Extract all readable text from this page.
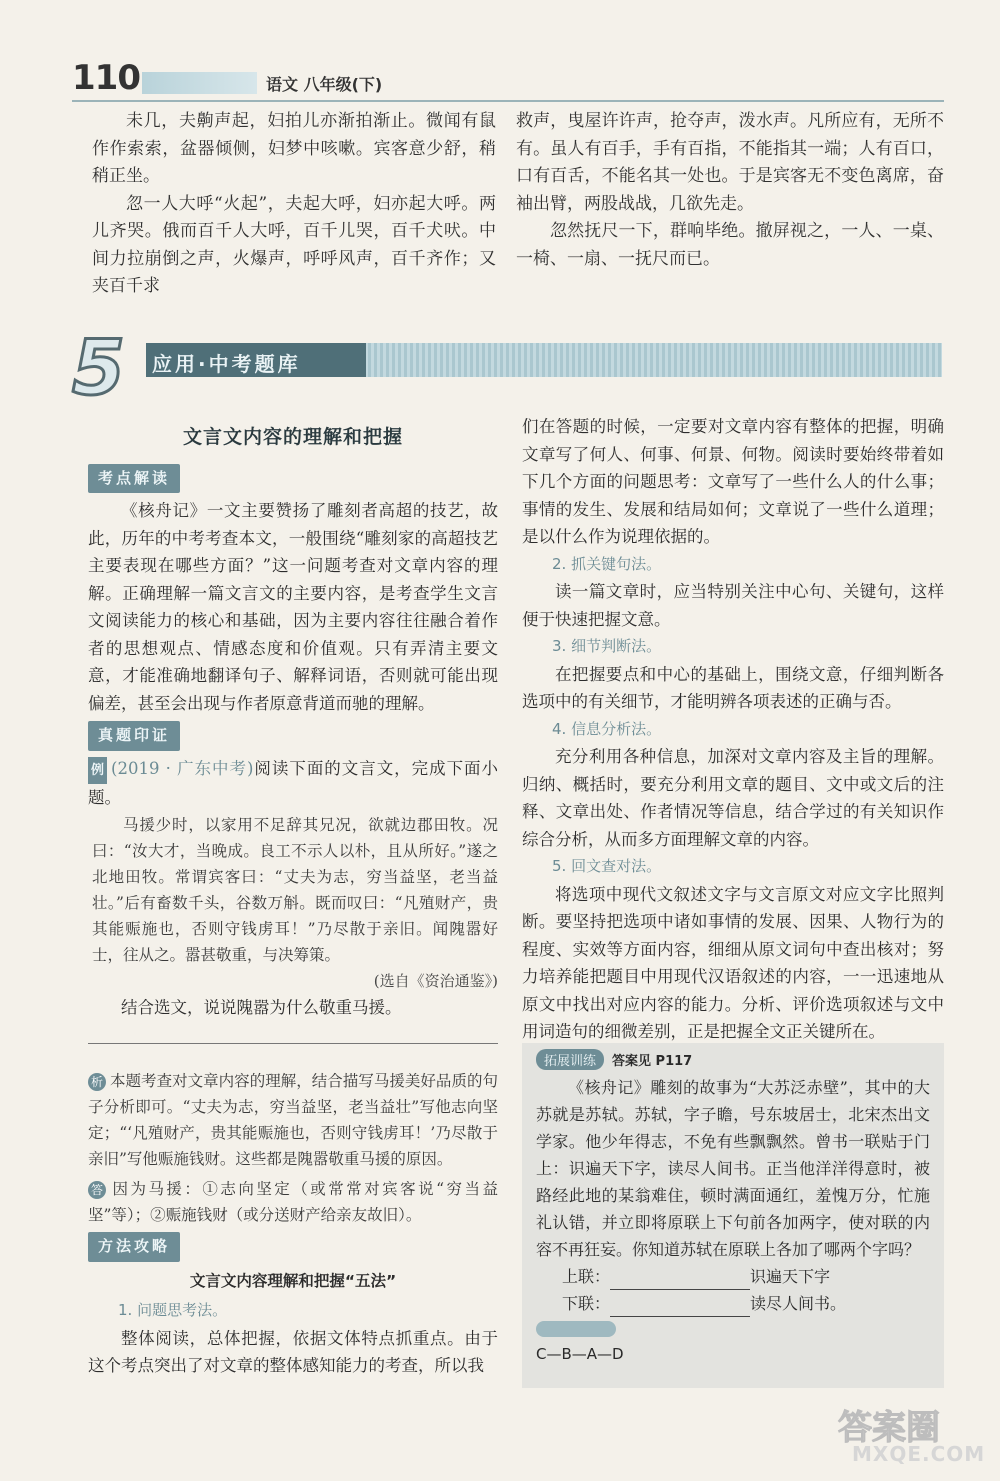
110	语文 八年级(下)

未几，夫齁声起，妇拍儿亦渐拍渐止。微闻有鼠作作索索，盆器倾侧，妇梦中咳嗽。宾客意少舒，稍稍正坐。

忽一人大呼“火起”，夫起大呼，妇亦起大呼。两儿齐哭。俄而百千人大呼，百千儿哭，百千犬吠。中间力拉崩倒之声，火爆声，呼呼风声，百千齐作；又夹百千求

救声，曳屋许许声，抢夺声，泼水声。凡所应有，无所不有。虽人有百手，手有百指，不能指其一端；人有百口，口有百舌，不能名其一处也。于是宾客无不变色离席，奋袖出臂，两股战战，几欲先走。

忽然抚尺一下，群响毕绝。撤屏视之，一人、一桌、一椅、一扇、一抚尺而已。

5 应用·中考题库
文言文内容的理解和把握
考点解读

《核舟记》一文主要赞扬了雕刻者高超的技艺，故此，历年的中考考查本文，一般围绕“雕刻家的高超技艺主要表现在哪些方面？”这一问题考查对文章内容的理解。正确理解一篇文言文的主要内容，是考查学生文言文阅读能力的核心和基础，因为主要内容往往融合着作者的思想观点、情感态度和价值观。只有弄清主要文意，才能准确地翻译句子、解释词语，否则就可能出现偏差，甚至会出现与作者原意背道而驰的理解。

真题印证

例 (2019 · 广东中考)阅读下面的文言文，完成下面小题。

马援少时，以家用不足辞其兄况，欲就边郡田牧。况曰：“汝大才，当晚成。良工不示人以朴，且从所好。”遂之北地田牧。常谓宾客曰：“丈夫为志，穷当益坚，老当益壮。”后有畜数千头，谷数万斛。既而叹曰：“凡殖财产，贵其能赈施也，否则守钱虏耳！”乃尽散于亲旧。闻隗嚣好士，往从之。嚣甚敬重，与决筹策。

(选自《资治通鉴》)

结合选文，说说隗嚣为什么敬重马援。

析 本题考查对文章内容的理解，结合描写马援美好品质的句子分析即可。“丈夫为志，穷当益坚，老当益壮”写他志向坚定；“‘凡殖财产，贵其能赈施也，否则守钱虏耳！’乃尽散于亲旧”写他赈施钱财。这些都是隗嚣敬重马援的原因。

答 因为马援：①志向坚定（或常常对宾客说“穷当益坚”等）；②赈施钱财（或分送财产给亲友故旧）。

方法攻略
文言文内容理解和把握“五法”

1. 问题思考法。

整体阅读，总体把握，依据文体特点抓重点。由于这个考点突出了对文章的整体感知能力的考查，所以我

们在答题的时候，一定要对文章内容有整体的把握，明确文章写了何人、何事、何景、何物。阅读时要始终带着如下几个方面的问题思考：文章写了一些什么人的什么事；事情的发生、发展和结局如何；文章说了一些什么道理；是以什么作为说理依据的。

2. 抓关键句法。

读一篇文章时，应当特别关注中心句、关键句，这样便于快速把握文意。

3. 细节判断法。

在把握要点和中心的基础上，围绕文意，仔细判断各选项中的有关细节，才能明辨各项表述的正确与否。

4. 信息分析法。

充分利用各种信息，加深对文章内容及主旨的理解。归纳、概括时，要充分利用文章的题目、文中或文后的注释、文章出处、作者情况等信息，结合学过的有关知识作综合分析，从而多方面理解文章的内容。

5. 回文查对法。

将选项中现代文叙述文字与文言原文对应文字比照判断。要坚持把选项中诸如事情的发展、因果、人物行为的程度、实效等方面内容，细细从原文词句中查出核对；努力培养能把题目中用现代汉语叙述的内容，一一迅速地从原文中找出对应内容的能力。分析、评价选项叙述与文中用词造句的细微差别，正是把握全文正关键所在。

拓展训练 答案见 P117

《核舟记》雕刻的故事为“大苏泛赤壁”，其中的大苏就是苏轼。苏轼，字子瞻，号东坡居士，北宋杰出文学家。他少年得志，不免有些飘飘然。曾书一联贴于门上：识遍天下字，读尽人间书。正当他洋洋得意时，被路经此地的某翁难住，顿时满面通红，羞愧万分，忙施礼认错，并立即将原联上下句前各加两字，使对联的内容不再狂妄。你知道苏轼在原联上各加了哪两个字吗？

上联：	识遍天下字
下联：	读尽人间书。
C—B—A—D
答案圈
MXQE.COM
